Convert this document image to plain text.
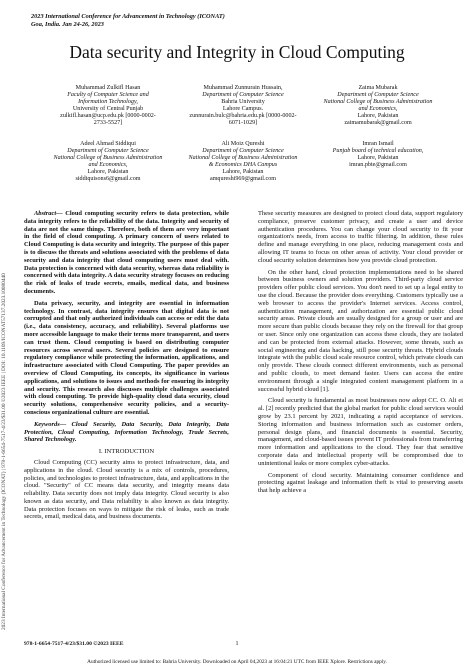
2023 International Conference for Advancement in Technology (ICONAT)
Goa, India. Jan 24-26, 2023
Data security and Integrity in Cloud Computing
2023 International Conference for Advancement in Technology (ICONAT) | 978-1-6654-7517-4/23/$31.00 ©2023 IEEE | DOI: 10.1109/ICONAT57137.2023.10080440
Muhammad Zulkifl Hasan
Faculty of Computer Science and
Information Technology,
University of Central Punjab
zulkifl.hasan@ucp.edu.pk [0000-0002-
2733-5527]
Muhammad Zunnurain Hussain,
Department of Computer Science
Bahria University
Lahore Campus.
zunnurain.bulc@bahria.edu.pk [0000-0002-
6071-1029]
Zaima Mubarak
Department of Computer Science
National College of Business Administration
and Economics,
Lahore, Pakistan
zaimamubarak@gmail.com
Adeel Ahmad Siddiqui
Department of Computer Science
National College of Business Administration
and Economics,
Lahore, Pakistan
siddiquisons6@gmail.com
Ali Moiz Qureshi
Department of Computer Science
National College of Business Administration
& Economics DHA Campus
Lahore, Pakistan
amqureshi969@gmail.com
Imran Ismail
Punjab board of technical education,
Lahore, Pakistan
imran.pbte@gmail.com

Abstract— Cloud computing security refers to data protection, while data integrity refers to the reliability of the data. Integrity and security of data are not the same things. Therefore, both of them are very important in the field of cloud computing. A primary concern of users related to Cloud Computing is data security and integrity. The purpose of this paper is to discuss the threats and solutions associated with the problems of data security and data integrity that cloud computing users must deal with. Data protection is concerned with data security, whereas data reliability is concerned with data integrity. A data security strategy focuses on reducing the risk of leaks of trade secrets, emails, medical data, and business documents.

Data privacy, security, and integrity are essential in information technology. In contrast, data integrity ensures that digital data is not corrupted and that only authorized individuals can access or edit the data (i.e., data consistency, accuracy, and reliability). Several platforms use more accessible language to make their terms more transparent, and users can trust them. Cloud computing is based on distributing computer resources across several users. Several policies are designed to ensure regulatory compliance while protecting the information, applications, and infrastructure associated with Cloud Computing. The paper provides an overview of Cloud Computing, its concepts, its significance in various applications, and solutions to issues and methods for ensuring its integrity and security. This research also discusses multiple challenges associated with cloud computing. To provide high-quality cloud data security, cloud security solutions, comprehensive security policies, and a security-conscious organizational culture are essential.

Keywords— Cloud Security, Data Security, Data Integrity, Data Protection, Cloud Computing, Information Technology, Trade Secrets, Shared Technology.

I. INTRODUCTION

Cloud Computing (CC) security aims to protect infrastructure, data, and applications in the cloud. Cloud security is a mix of controls, procedures, policies, and technologies to protect infrastructure, data, and applications in the cloud. "Security" of CC means data security, and integrity means data reliability. Data security does not imply data integrity. Cloud security is also known as data security, and Data reliability is also known as data integrity. Data protection focuses on ways to mitigate the risk of leaks, such as trade secrets, email, medical data, and business documents.

These security measures are designed to protect cloud data, support regulatory compliance, preserve customer privacy, and create a user and device authentication procedures. You can change your cloud security to fit your organization's needs, from access to traffic filtering. In addition, these rules define and manage everything in one place, reducing management costs and allowing IT teams to focus on other areas of activity. Your cloud provider or cloud security solution determines how you provide cloud protection.

On the other hand, cloud protection implementations need to be shared between business owners and solution providers. Third-party cloud service providers offer public cloud services. You don't need to set up a legal entity to use the cloud. Because the provider does everything. Customers typically use a web browser to access the provider's Internet services. Access control, authentication management, and authorization are essential public cloud security areas. Private clouds are usually designed for a group or user and are more secure than public clouds because they rely on the firewall for that group or user. Since only one organization can access these clouds, they are isolated and can be protected from external attacks. However, some threats, such as social engineering and data hacking, still pose security threats. Hybrid clouds integrate with the public cloud scale resource control, which private clouds can only provide. These clouds connect different environments, such as personal and public clouds, to meet demand faster. Users can access the entire environment through a single integrated content management platform in a successful hybrid cloud [1].

Cloud security is fundamental as most businesses now adopt CC. O. Ali et al. [2] recently predicted that the global market for public cloud services would grow by 23.1 percent by 2021, indicating a rapid acceptance of services. Storing information and business information such as customer orders, personal design plans, and financial documents is essential. Security, management, and cloud-based issues prevent IT professionals from transferring more information and applications to the cloud. They fear that sensitive corporate data and intellectual property will be compromised due to unintentional leaks or more complex cyber-attacks.

Component of cloud security. Maintaining consumer confidence and protecting against leakage and information theft is vital to preserving assets that help achieve a

978-1-6654-7517-4/23/$31.00 ©2023 IEEE	1
Authorized licensed use limited to: Bahria University. Downloaded on April 04,2023 at 16:04:21 UTC from IEEE Xplore. Restrictions apply.
